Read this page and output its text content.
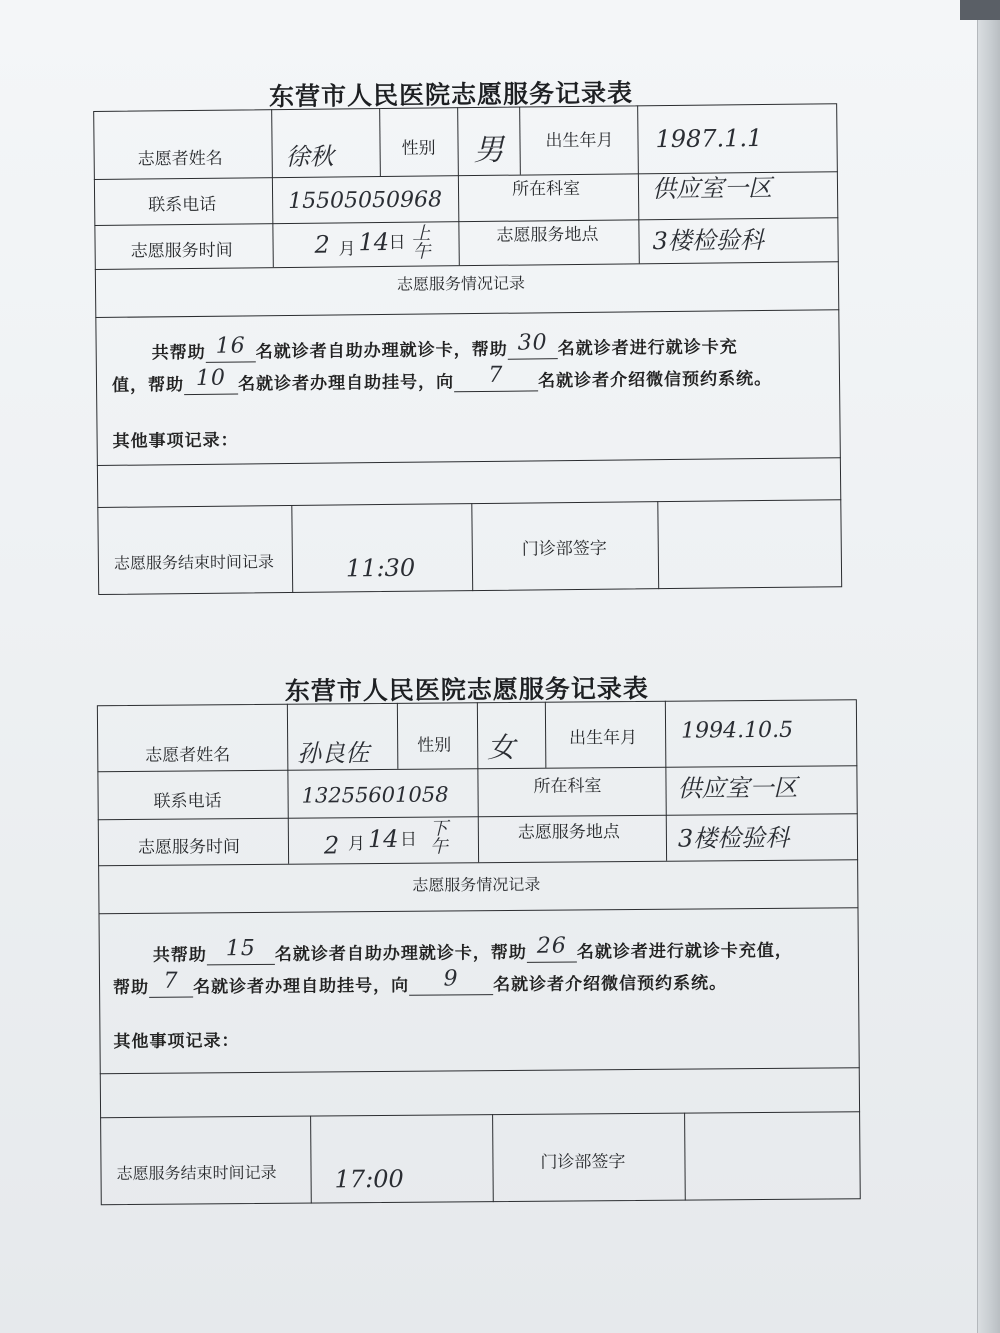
东营市人民医院志愿服务记录表
志愿者姓名	徐秋	性别 男 出生年月 1987.1.1
联系电话	15505050968	所在科室	供应室一区
志愿服务时间	2 月 14 日 上午	志愿服务地点 3楼检验科
志愿服务情况记录
共帮助 16 名就诊者自助办理就诊卡，帮助 30 名就诊者进行就诊卡充
值，帮助 10 名就诊者办理自助挂号，向 7 名就诊者介绍微信预约系统。
其他事项记录：
志愿服务结束时间记录	11:30
门诊部签字
东营市人民医院志愿服务记录表
志愿者姓名	孙良佐	性别 女	出生年月 1994.10.5
联系电话	13255601058	所在科室	供应室一区
志愿服务时间	2 月 14 日 下午	志愿服务地点 3楼检验科
志愿服务情况记录
共帮助 15 名就诊者自助办理就诊卡，帮助 26 名就诊者进行就诊卡充值，
帮助 7 名就诊者办理自助挂号，向 9 名就诊者介绍微信预约系统。
其他事项记录：
志愿服务结束时间记录 17:00
门诊部签字
